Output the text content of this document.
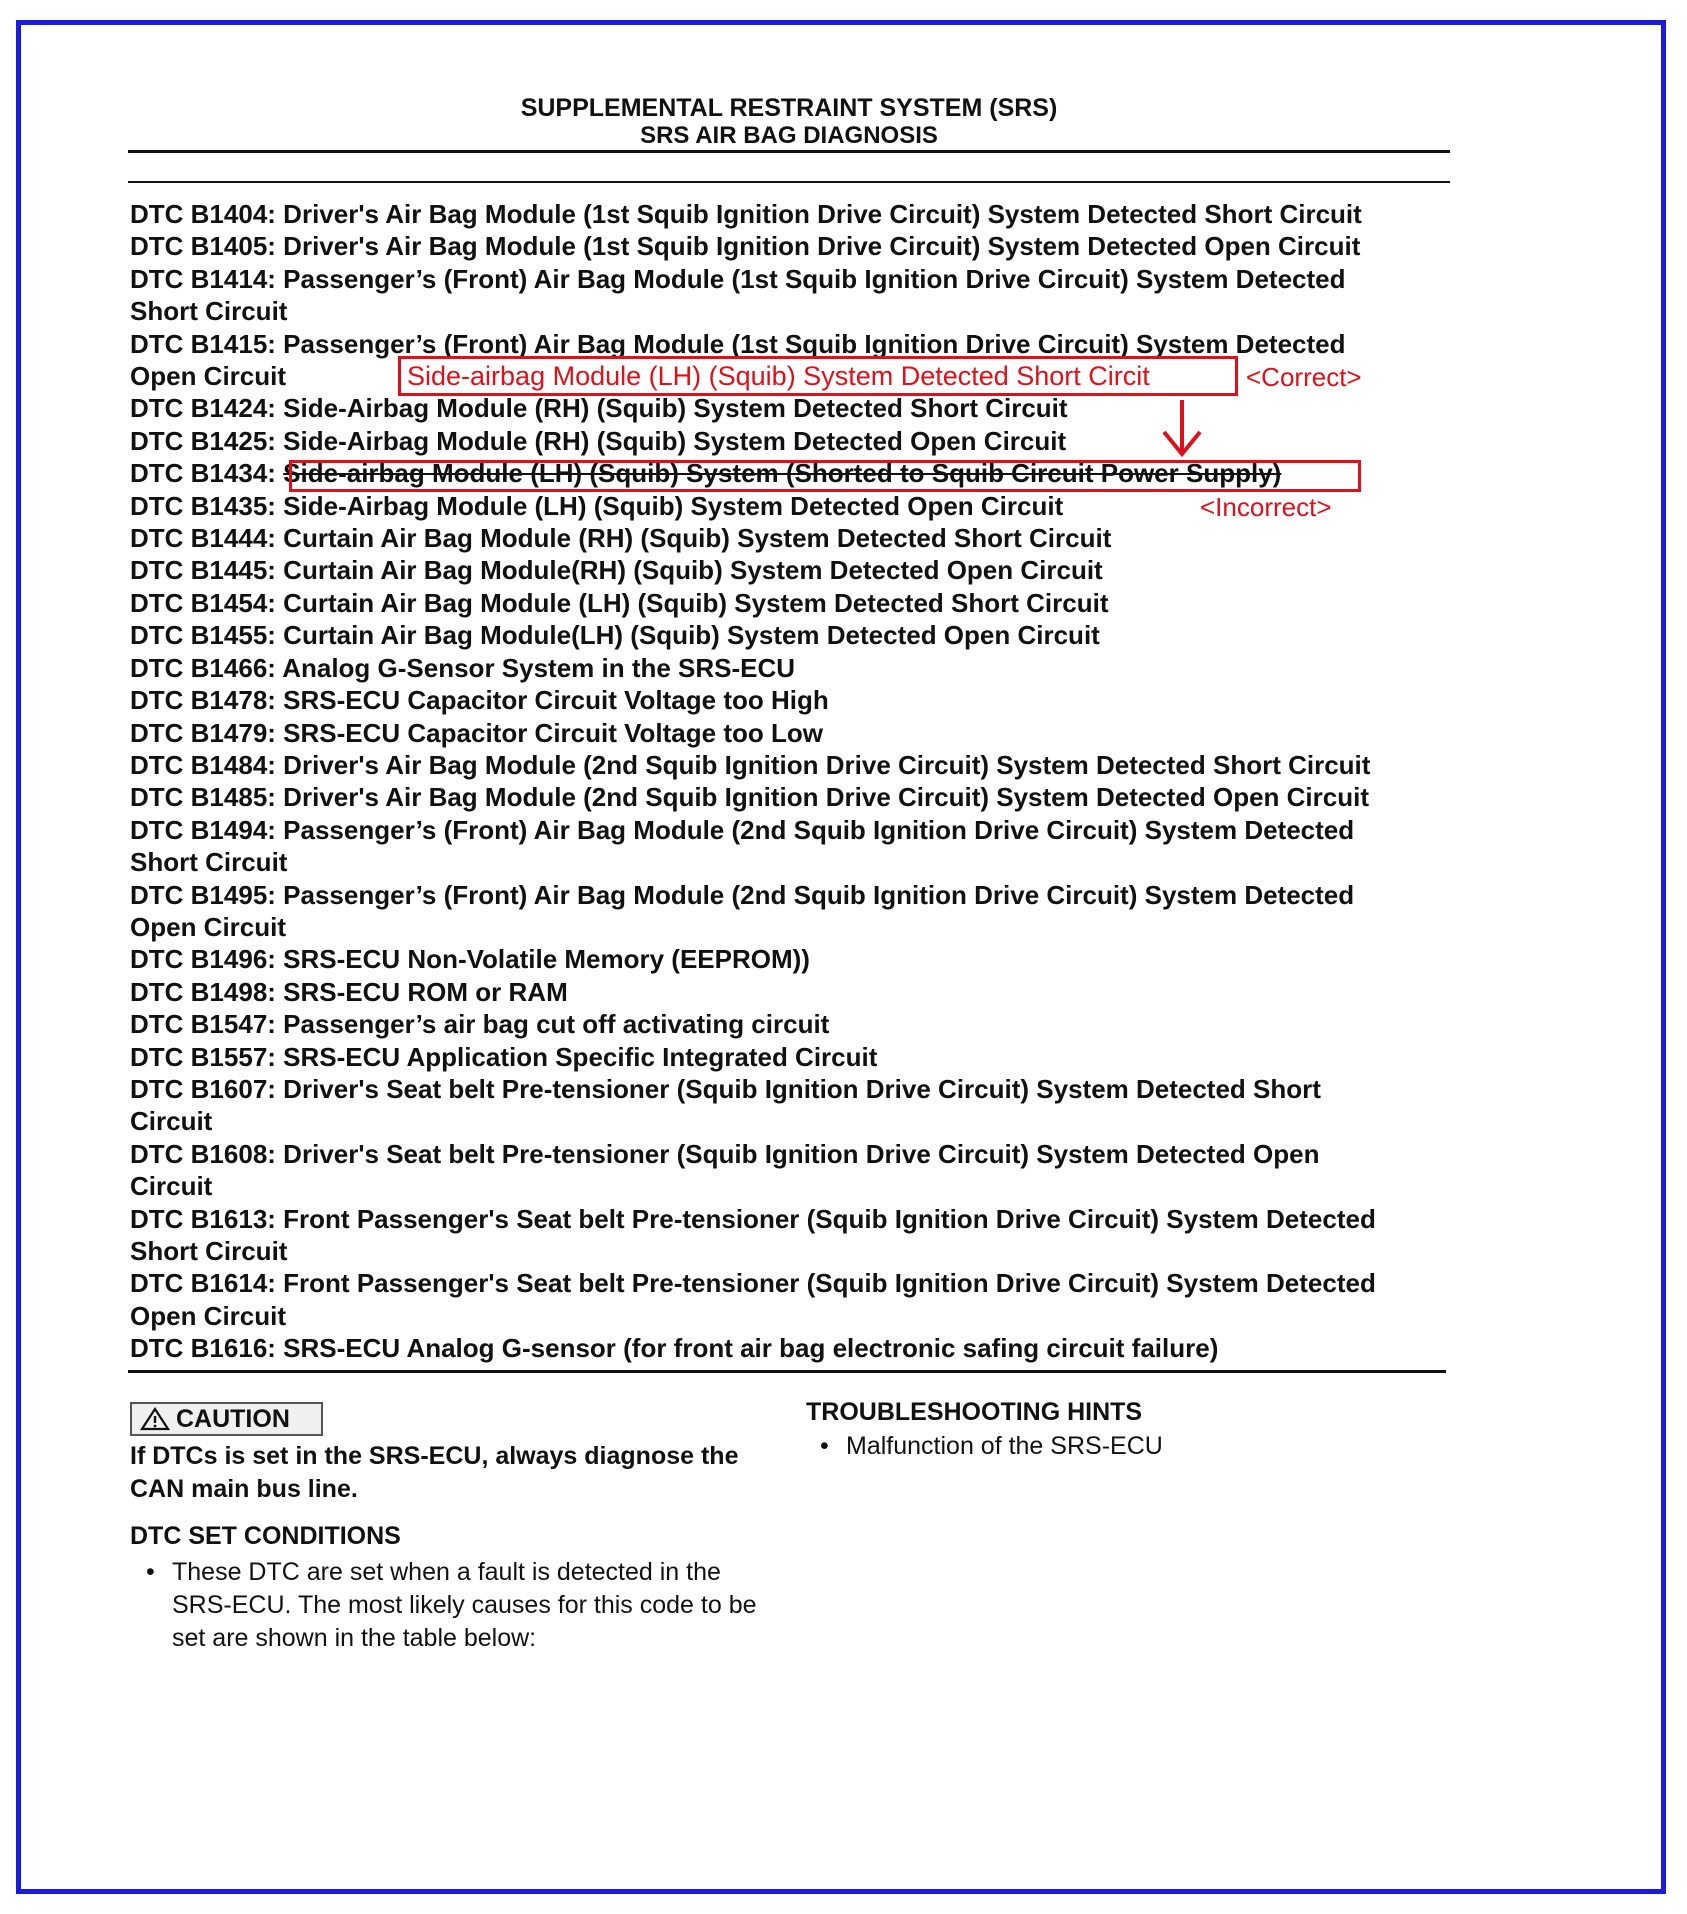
SUPPLEMENTAL RESTRAINT SYSTEM (SRS)
SRS AIR BAG DIAGNOSIS
DTC B1404: Driver's Air Bag Module (1st Squib Ignition Drive Circuit) System Detected Short Circuit
DTC B1405: Driver's Air Bag Module (1st Squib Ignition Drive Circuit) System Detected Open Circuit
DTC B1414: Passenger’s (Front) Air Bag Module (1st Squib Ignition Drive Circuit) System Detected
Short Circuit
DTC B1415: Passenger’s (Front) Air Bag Module (1st Squib Ignition Drive Circuit) System Detected
Open Circuit
DTC B1424: Side-Airbag Module (RH) (Squib) System Detected Short Circuit
DTC B1425: Side-Airbag Module (RH) (Squib) System Detected Open Circuit
DTC B1434: Side-airbag Module (LH) (Squib) System (Shorted to Squib Circuit Power Supply)
DTC B1435: Side-Airbag Module (LH) (Squib) System Detected Open Circuit
DTC B1444: Curtain Air Bag Module (RH) (Squib) System Detected Short Circuit
DTC B1445: Curtain Air Bag Module(RH) (Squib) System Detected Open Circuit
DTC B1454: Curtain Air Bag Module (LH) (Squib) System Detected Short Circuit
DTC B1455: Curtain Air Bag Module(LH) (Squib) System Detected Open Circuit
DTC B1466: Analog G-Sensor System in the SRS-ECU
DTC B1478: SRS-ECU Capacitor Circuit Voltage too High
DTC B1479: SRS-ECU Capacitor Circuit Voltage too Low
DTC B1484: Driver's Air Bag Module (2nd Squib Ignition Drive Circuit) System Detected Short Circuit
DTC B1485: Driver's Air Bag Module (2nd Squib Ignition Drive Circuit) System Detected Open Circuit
DTC B1494: Passenger’s (Front) Air Bag Module (2nd Squib Ignition Drive Circuit) System Detected
Short Circuit
DTC B1495: Passenger’s (Front) Air Bag Module (2nd Squib Ignition Drive Circuit) System Detected
Open Circuit
DTC B1496: SRS-ECU Non-Volatile Memory (EEPROM))
DTC B1498: SRS-ECU ROM or RAM
DTC B1547: Passenger’s air bag cut off activating circuit
DTC B1557: SRS-ECU Application Specific Integrated Circuit
DTC B1607: Driver's Seat belt Pre-tensioner (Squib Ignition Drive Circuit) System Detected Short
Circuit
DTC B1608: Driver's Seat belt Pre-tensioner (Squib Ignition Drive Circuit) System Detected Open
Circuit
DTC B1613: Front Passenger's Seat belt Pre-tensioner (Squib Ignition Drive Circuit) System Detected
Short Circuit
DTC B1614: Front Passenger's Seat belt Pre-tensioner (Squib Ignition Drive Circuit) System Detected
Open Circuit
DTC B1616: SRS-ECU Analog G-sensor (for front air bag electronic safing circuit failure)
Side-airbag Module (LH) (Squib) System Detected Short Circit	<Correct>
<Incorrect>
CAUTION
If DTCs is set in the SRS-ECU, always diagnose the CAN main bus line.
DTC SET CONDITIONS
• These DTC are set when a fault is detected in the SRS-ECU. The most likely causes for this code to be set are shown in the table below:
TROUBLESHOOTING HINTS
• Malfunction of the SRS-ECU
